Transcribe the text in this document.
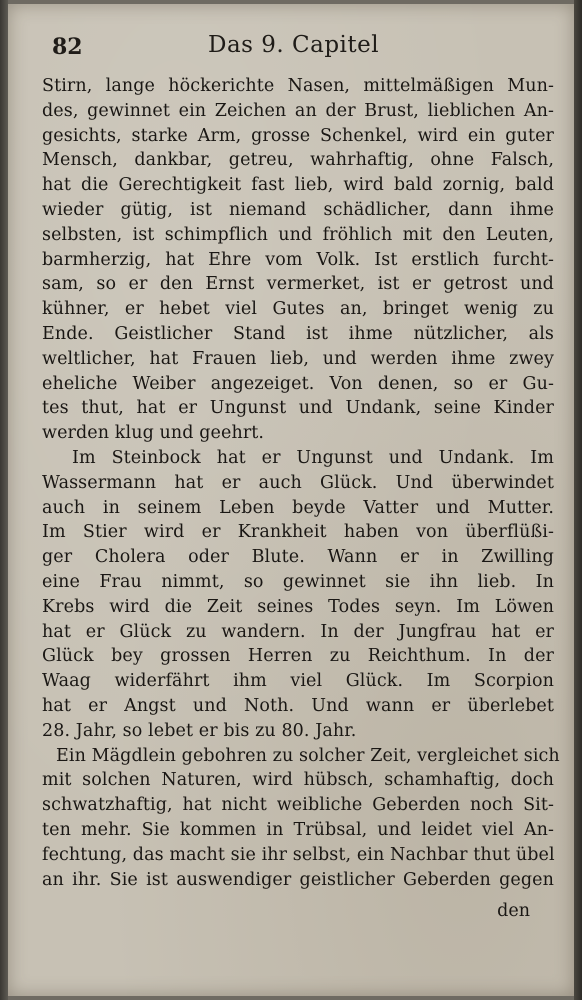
82	Das 9. Capitel
Stirn, lange höckerichte Nasen, mittelmäßigen Mun-
des, gewinnet ein Zeichen an der Brust, lieblichen An-
gesichts, starke Arm, grosse Schenkel, wird ein guter
Mensch, dankbar, getreu, wahrhaftig, ohne Falsch,
hat die Gerechtigkeit fast lieb, wird bald zornig, bald
wieder gütig, ist niemand schädlicher, dann ihme
selbsten, ist schimpflich und fröhlich mit den Leuten,
barmherzig, hat Ehre vom Volk. Ist erstlich furcht-
sam, so er den Ernst vermerket, ist er getrost und
kühner, er hebet viel Gutes an, bringet wenig zu
Ende. Geistlicher Stand ist ihme nützlicher, als
weltlicher, hat Frauen lieb, und werden ihme zwey
eheliche Weiber angezeiget. Von denen, so er Gu-
tes thut, hat er Ungunst und Undank, seine Kinder
werden klug und geehrt.
Im Steinbock hat er Ungunst und Undank. Im
Wassermann hat er auch Glück. Und überwindet
auch in seinem Leben beyde Vatter und Mutter.
Im Stier wird er Krankheit haben von überflüßi-
ger Cholera oder Blute. Wann er in Zwilling
eine Frau nimmt, so gewinnet sie ihn lieb. In
Krebs wird die Zeit seines Todes seyn. Im Löwen
hat er Glück zu wandern. In der Jungfrau hat er
Glück bey grossen Herren zu Reichthum. In der
Waag widerfährt ihm viel Glück. Im Scorpion
hat er Angst und Noth. Und wann er überlebet
28. Jahr, so lebet er bis zu 80. Jahr.
Ein Mägdlein gebohren zu solcher Zeit, vergleichet sich
mit solchen Naturen, wird hübsch, schamhaftig, doch
schwatzhaftig, hat nicht weibliche Geberden noch Sit-
ten mehr. Sie kommen in Trübsal, und leidet viel An-
fechtung, das macht sie ihr selbst, ein Nachbar thut übel
an ihr. Sie ist auswendiger geistlicher Geberden gegen
den
